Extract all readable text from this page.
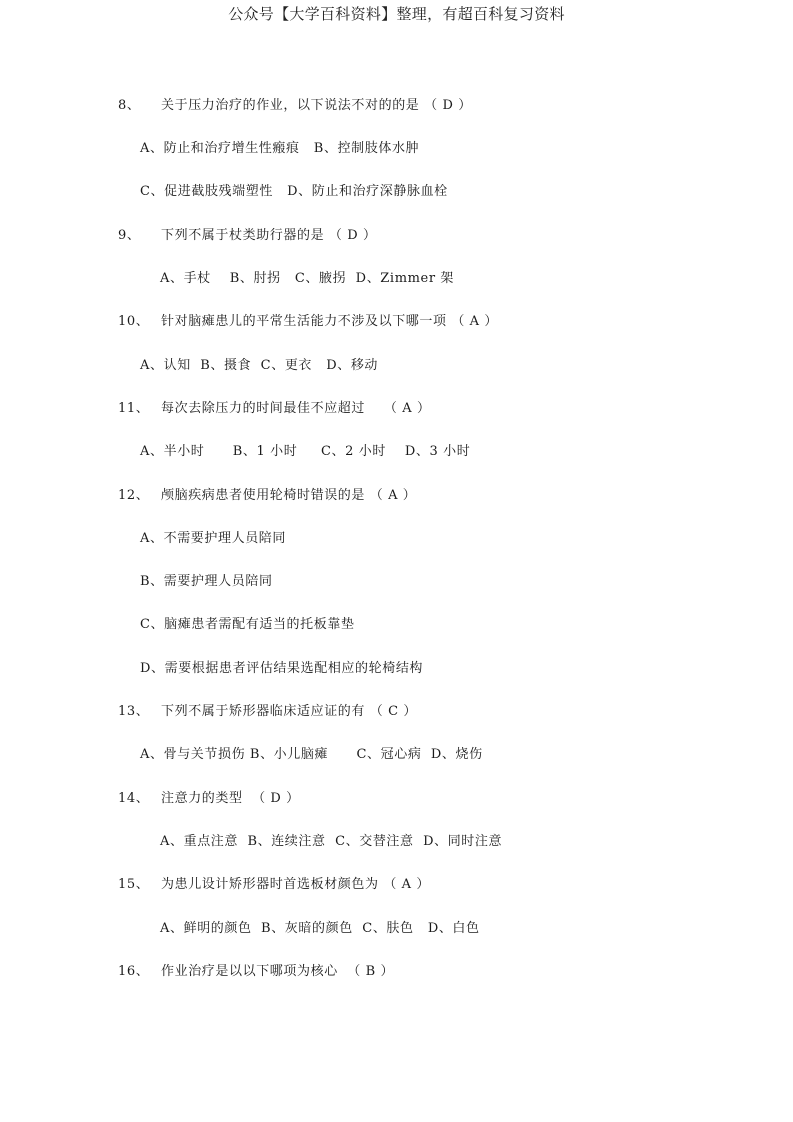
公众号【大学百科资料】整理，有超百科复习资料
8、 关于压力治疗的作业，以下说法不对的的是 （ D ）
A、防止和治疗增生性瘢痕   B、控制肢体水肿
C、促进截肢残端塑性   D、防止和治疗深静脉血栓
9、 下列不属于杖类助行器的是 （ D ）
A、手杖    B、肘拐   C、腋拐  D、Zimmer 架
10、 针对脑瘫患儿的平常生活能力不涉及以下哪一项 （ A ）
A、认知  B、摄食  C、更衣   D、移动
11、 每次去除压力的时间最佳不应超过    （ A ）
A、半小时      B、1 小时     C、2 小时    D、3 小时
12、 颅脑疾病患者使用轮椅时错误的是 （ A ）
A、不需要护理人员陪同
B、需要护理人员陪同
C、脑瘫患者需配有适当的托板靠垫
D、需要根据患者评估结果选配相应的轮椅结构
13、 下列不属于矫形器临床适应证的有 （ C ）
A、骨与关节损伤 B、小儿脑瘫      C、冠心病  D、烧伤
14、 注意力的类型  （ D ）
A、重点注意  B、连续注意  C、交替注意  D、同时注意
15、 为患儿设计矫形器时首选板材颜色为 （ A ）
A、鲜明的颜色  B、灰暗的颜色  C、肤色   D、白色
16、 作业治疗是以以下哪项为核心  （ B ）
